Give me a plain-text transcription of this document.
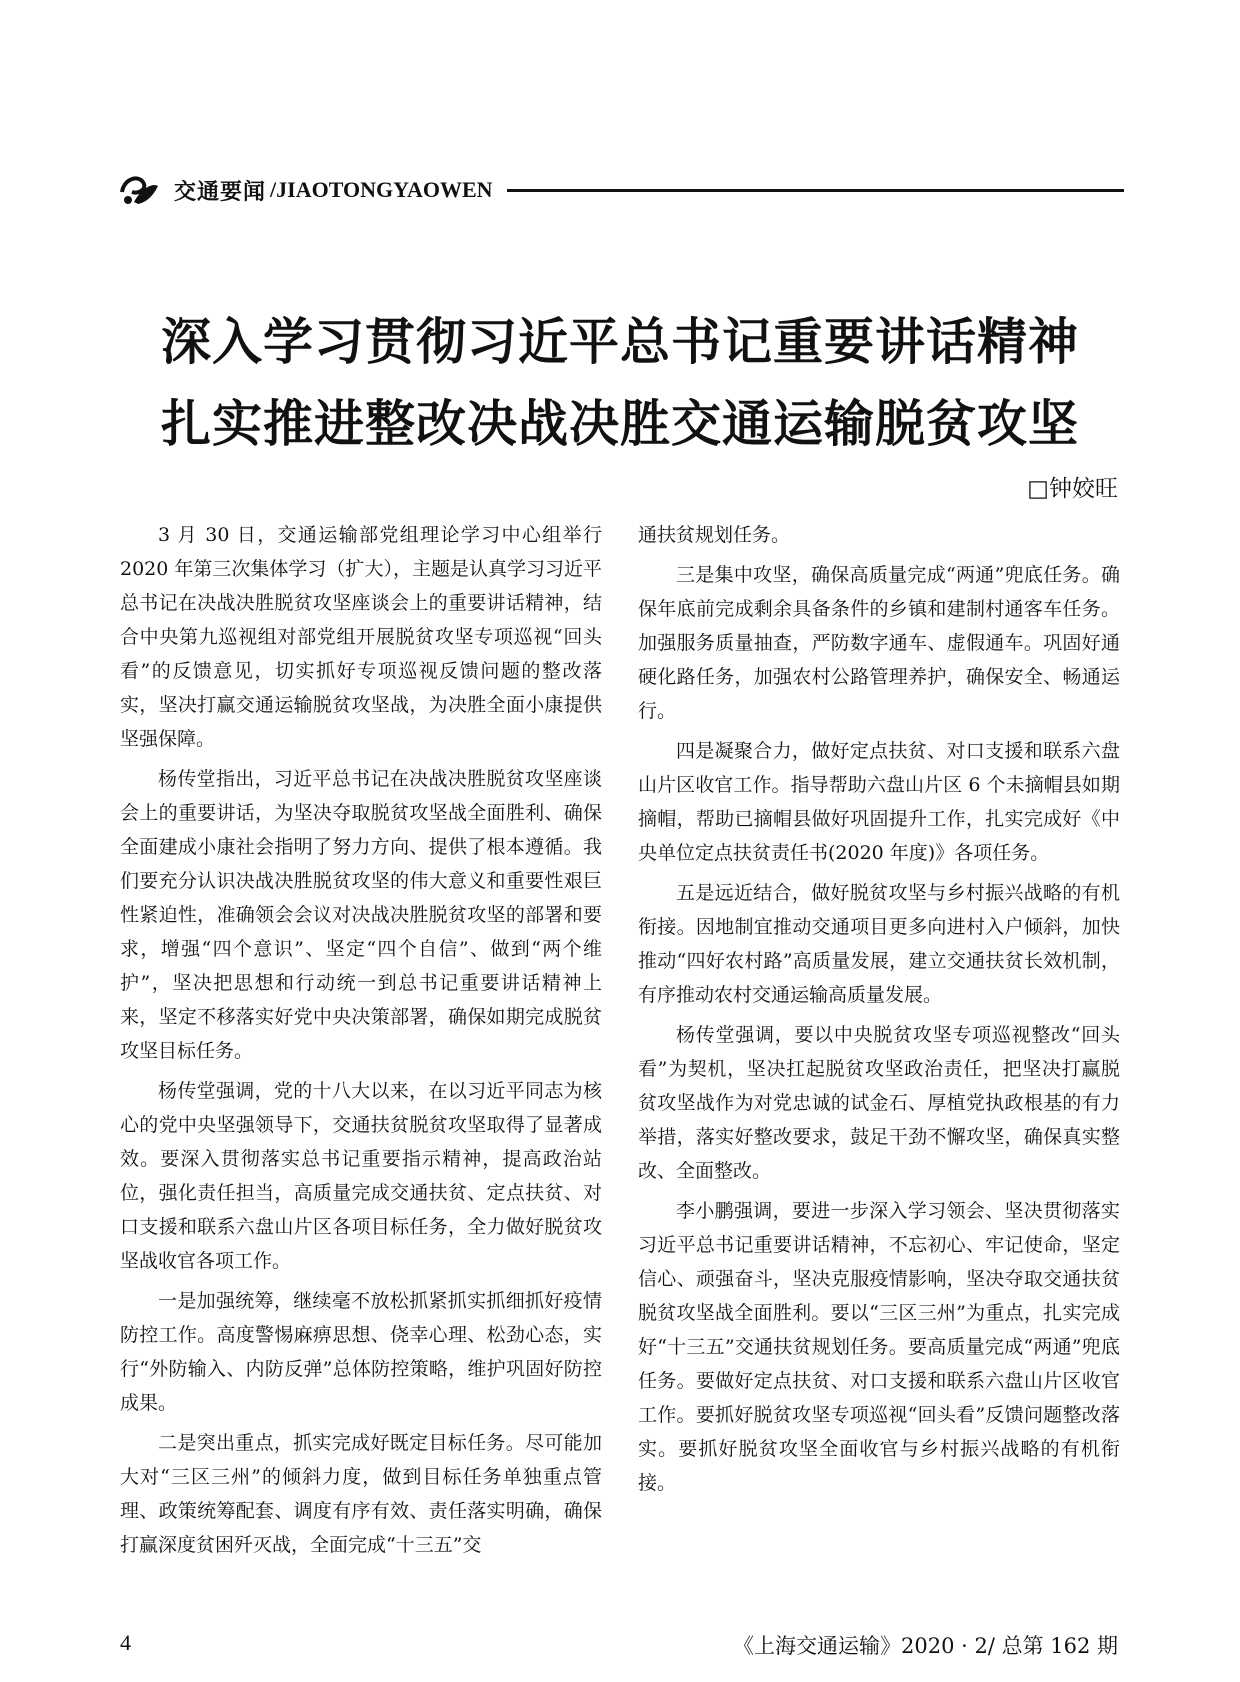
交通要闻 /JIAOTONGYAOWEN
深入学习贯彻习近平总书记重要讲话精神
扎实推进整改决战决胜交通运输脱贫攻坚
□钟姣旺

3 月 30 日，交通运输部党组理论学习中心组举行 2020 年第三次集体学习（扩大），主题是认真学习习近平总书记在决战决胜脱贫攻坚座谈会上的重要讲话精神，结合中央第九巡视组对部党组开展脱贫攻坚专项巡视“回头看”的反馈意见，切实抓好专项巡视反馈问题的整改落实，坚决打赢交通运输脱贫攻坚战，为决胜全面小康提供坚强保障。

杨传堂指出，习近平总书记在决战决胜脱贫攻坚座谈会上的重要讲话，为坚决夺取脱贫攻坚战全面胜利、确保全面建成小康社会指明了努力方向、提供了根本遵循。我们要充分认识决战决胜脱贫攻坚的伟大意义和重要性艰巨性紧迫性，准确领会会议对决战决胜脱贫攻坚的部署和要求，增强“四个意识”、坚定“四个自信”、做到“两个维护”，坚决把思想和行动统一到总书记重要讲话精神上来，坚定不移落实好党中央决策部署，确保如期完成脱贫攻坚目标任务。

杨传堂强调，党的十八大以来，在以习近平同志为核心的党中央坚强领导下，交通扶贫脱贫攻坚取得了显著成效。要深入贯彻落实总书记重要指示精神，提高政治站位，强化责任担当，高质量完成交通扶贫、定点扶贫、对口支援和联系六盘山片区各项目标任务，全力做好脱贫攻坚战收官各项工作。

一是加强统筹，继续毫不放松抓紧抓实抓细抓好疫情防控工作。高度警惕麻痹思想、侥幸心理、松劲心态，实行“外防输入、内防反弹”总体防控策略，维护巩固好防控成果。

二是突出重点，抓实完成好既定目标任务。尽可能加大对“三区三州”的倾斜力度，做到目标任务单独重点管理、政策统筹配套、调度有序有效、责任落实明确，确保打赢深度贫困歼灭战，全面完成“十三五”交

通扶贫规划任务。

三是集中攻坚，确保高质量完成“两通”兜底任务。确保年底前完成剩余具备条件的乡镇和建制村通客车任务。加强服务质量抽查，严防数字通车、虚假通车。巩固好通硬化路任务，加强农村公路管理养护，确保安全、畅通运行。

四是凝聚合力，做好定点扶贫、对口支援和联系六盘山片区收官工作。指导帮助六盘山片区 6 个未摘帽县如期摘帽，帮助已摘帽县做好巩固提升工作，扎实完成好《中央单位定点扶贫责任书(2020 年度)》各项任务。

五是远近结合，做好脱贫攻坚与乡村振兴战略的有机衔接。因地制宜推动交通项目更多向进村入户倾斜，加快推动“四好农村路”高质量发展，建立交通扶贫长效机制，有序推动农村交通运输高质量发展。

杨传堂强调，要以中央脱贫攻坚专项巡视整改“回头看”为契机，坚决扛起脱贫攻坚政治责任，把坚决打赢脱贫攻坚战作为对党忠诚的试金石、厚植党执政根基的有力举措，落实好整改要求，鼓足干劲不懈攻坚，确保真实整改、全面整改。

李小鹏强调，要进一步深入学习领会、坚决贯彻落实习近平总书记重要讲话精神，不忘初心、牢记使命，坚定信心、顽强奋斗，坚决克服疫情影响，坚决夺取交通扶贫脱贫攻坚战全面胜利。要以“三区三州”为重点，扎实完成好“十三五”交通扶贫规划任务。要高质量完成“两通”兜底任务。要做好定点扶贫、对口支援和联系六盘山片区收官工作。要抓好脱贫攻坚专项巡视“回头看”反馈问题整改落实。要抓好脱贫攻坚全面收官与乡村振兴战略的有机衔接。

4	《上海交通运输》2020 · 2/ 总第 162 期
